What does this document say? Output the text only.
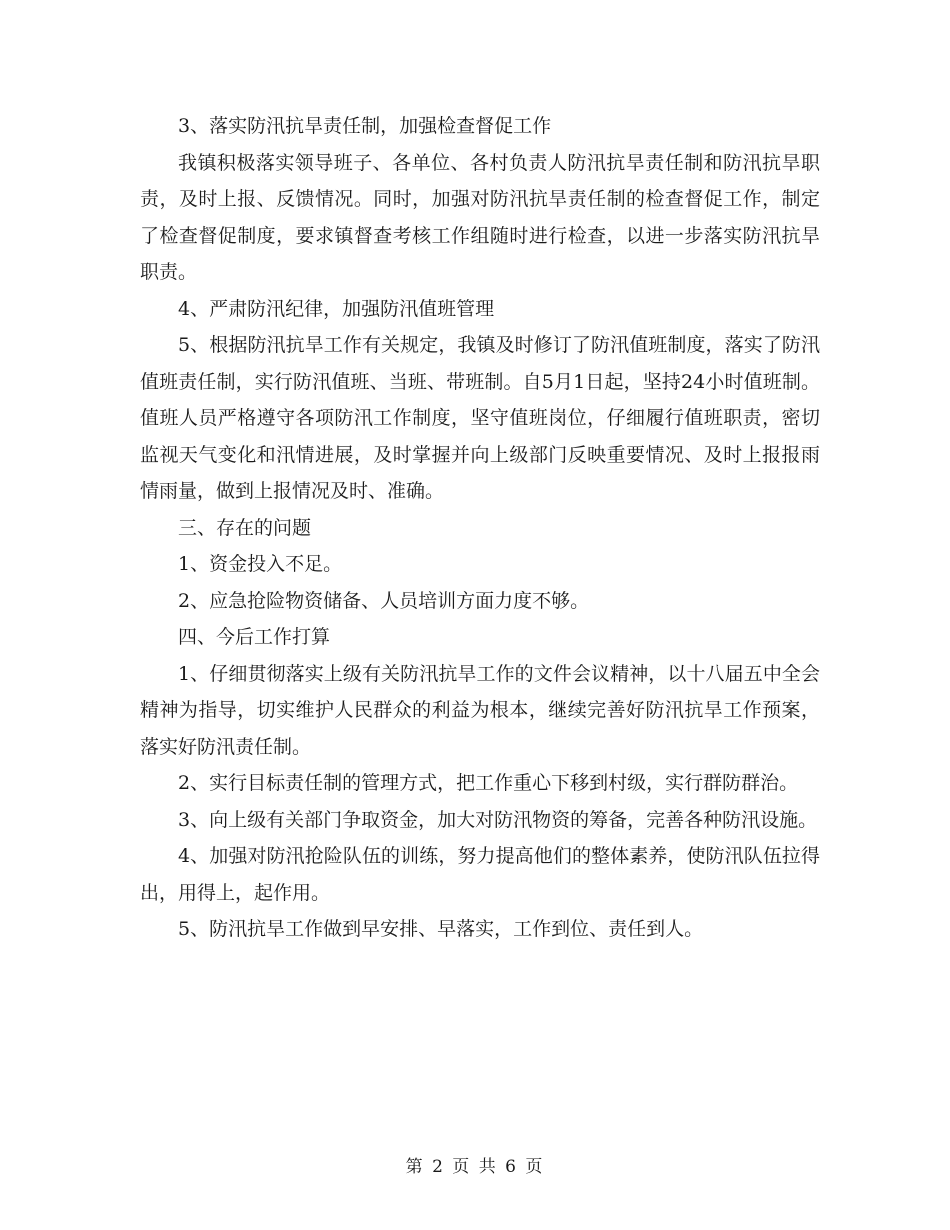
3、落实防汛抗旱责任制，加强检查督促工作

我镇积极落实领导班子、各单位、各村负责人防汛抗旱责任制和防汛抗旱职责，及时上报、反馈情况。同时，加强对防汛抗旱责任制的检查督促工作，制定了检查督促制度，要求镇督查考核工作组随时进行检查，以进一步落实防汛抗旱职责。

4、严肃防汛纪律，加强防汛值班管理

5、根据防汛抗旱工作有关规定，我镇及时修订了防汛值班制度，落实了防汛值班责任制，实行防汛值班、当班、带班制。自5月1日起，坚持24小时值班制。值班人员严格遵守各项防汛工作制度，坚守值班岗位，仔细履行值班职责，密切监视天气变化和汛情进展，及时掌握并向上级部门反映重要情况、及时上报报雨情雨量，做到上报情况及时、准确。

三、存在的问题

1、资金投入不足。

2、应急抢险物资储备、人员培训方面力度不够。

四、今后工作打算

1、仔细贯彻落实上级有关防汛抗旱工作的文件会议精神，以十八届五中全会精神为指导，切实维护人民群众的利益为根本，继续完善好防汛抗旱工作预案，落实好防汛责任制。

2、实行目标责任制的管理方式，把工作重心下移到村级，实行群防群治。

3、向上级有关部门争取资金，加大对防汛物资的筹备，完善各种防汛设施。

4、加强对防汛抢险队伍的训练，努力提高他们的整体素养，使防汛队伍拉得出，用得上，起作用。

5、防汛抗旱工作做到早安排、早落实，工作到位、责任到人。

第 2 页 共 6 页
